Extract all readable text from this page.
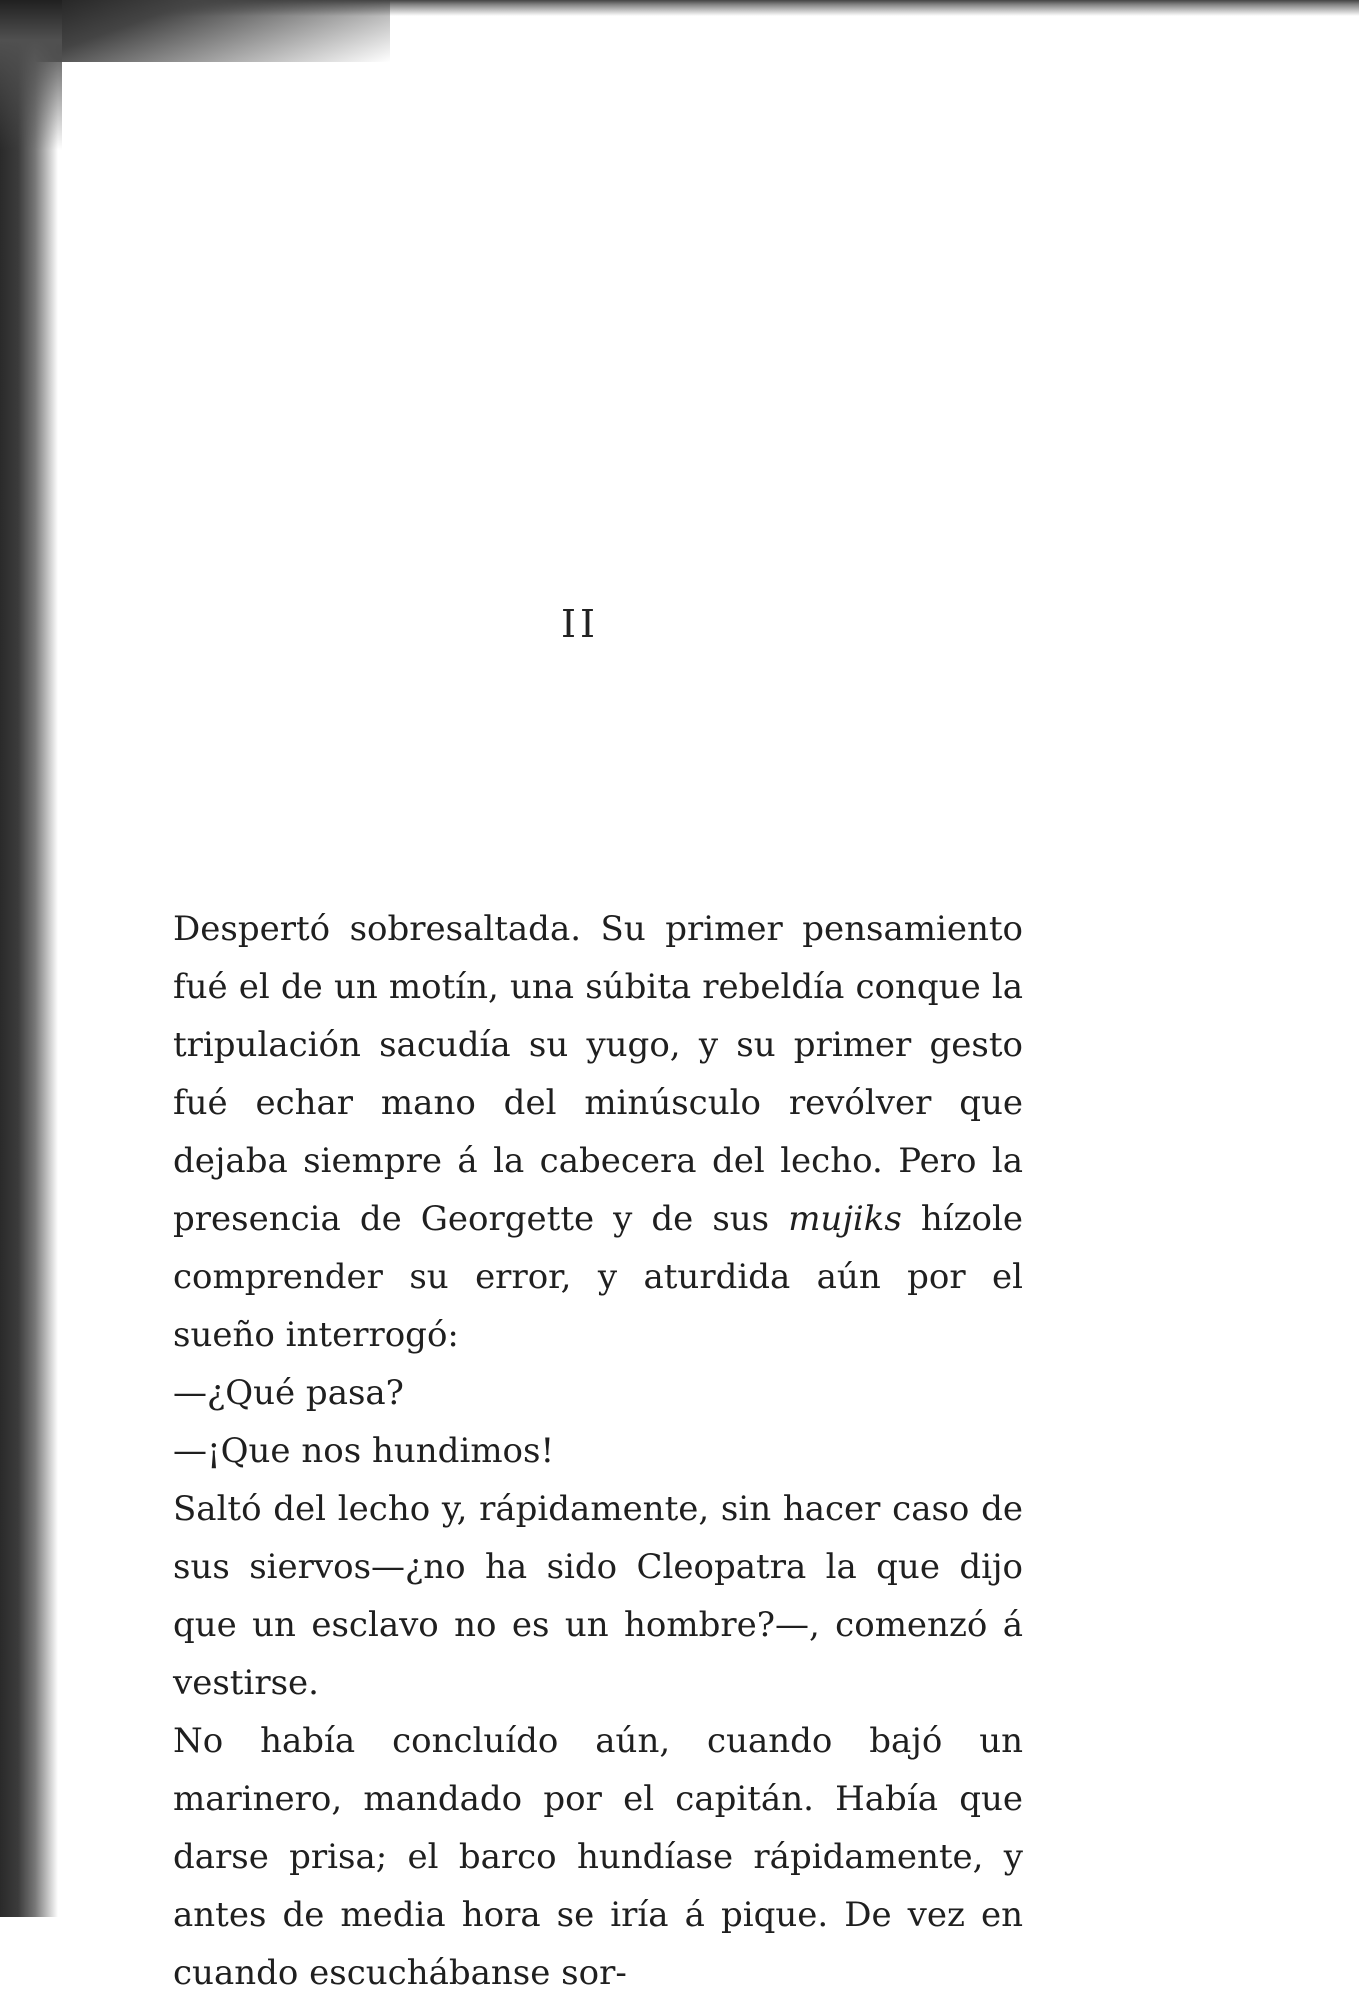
II

Despertó sobresaltada. Su primer pensamiento fué el de un motín, una súbita rebeldía conque la tripulación sacudía su yugo, y su primer gesto fué echar mano del minúsculo revólver que dejaba siempre á la cabecera del lecho. Pero la presencia de Georgette y de sus mujiks hízole comprender su error, y aturdida aún por el sueño interrogó:

—¿Qué pasa?

—¡Que nos hundimos!

Saltó del lecho y, rápidamente, sin hacer caso de sus siervos—¿no ha sido Cleopatra la que dijo que un esclavo no es un hombre?—, comenzó á vestirse.

No había concluído aún, cuando bajó un marinero, mandado por el capitán. Había que darse prisa; el barco hundíase rápidamente, y antes de media hora se iría á pique. De vez en cuando escuchábanse sor-
